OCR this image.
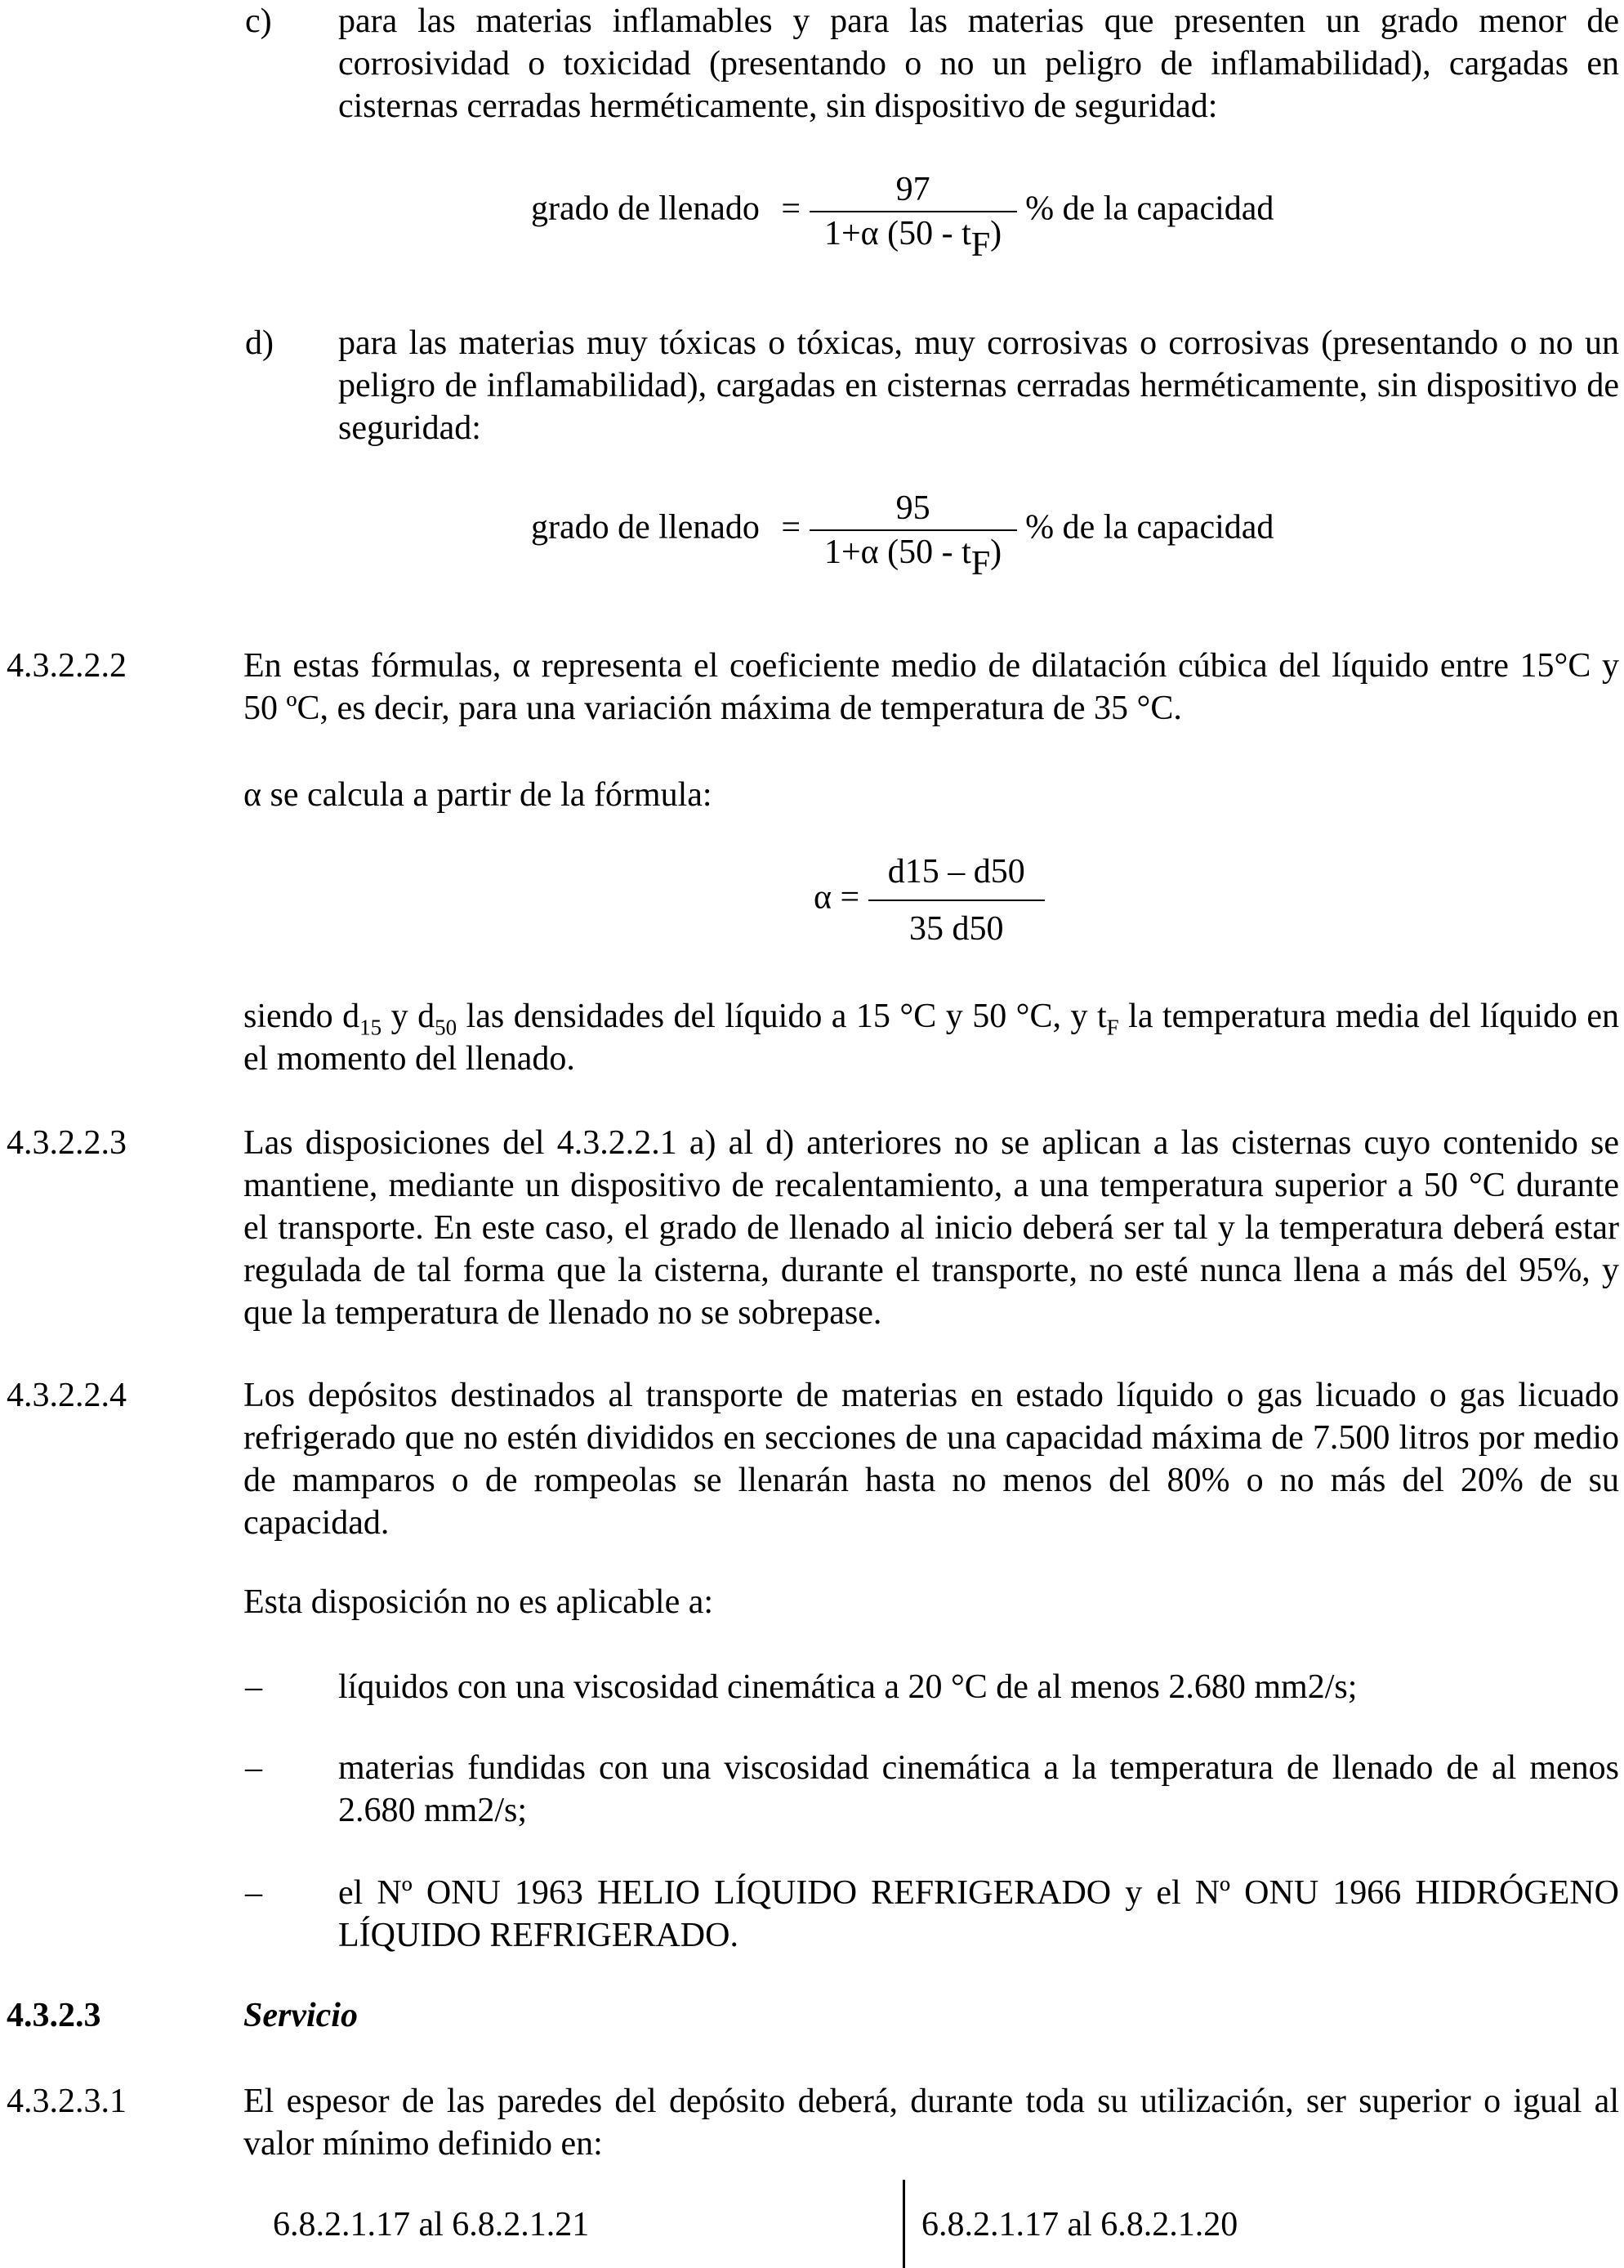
c) para las materias inflamables y para las materias que presenten un grado menor de corrosividad o toxicidad (presentando o no un peligro de inflamabilidad), cargadas en cisternas cerradas herméticamente, sin dispositivo de seguridad:
grado de llenado = $\frac{97}{1+\alpha (50 - tF)}$ % de la capacidad
d) para las materias muy tóxicas o tóxicas, muy corrosivas o corrosivas (presentando o no un peligro de inflamabilidad), cargadas en cisternas cerradas herméticamente, sin dispositivo de seguridad:
grado de llenado = $\frac{95}{1+\alpha (50 - tF)}$ % de la capacidad
4.3.2.2.2	En estas fórmulas, α representa el coeficiente medio de dilatación cúbica del líquido entre 15°C y 50 ºC, es decir, para una variación máxima de temperatura de 35 °C.
α se calcula a partir de la fórmula:
$\alpha = \frac{d15 - d50}{35 d50}$
siendo $d_{15}$ y $d_{50}$ las densidades del líquido a 15 °C y 50 °C, y $t_F$ la temperatura media del líquido en el momento del llenado.
4.3.2.2.3	Las disposiciones del 4.3.2.2.1 a) al d) anteriores no se aplican a las cisternas cuyo contenido se mantiene, mediante un dispositivo de recalentamiento, a una temperatura superior a 50 °C durante el transporte. En este caso, el grado de llenado al inicio deberá ser tal y la temperatura deberá estar regulada de tal forma que la cisterna, durante el transporte, no esté nunca llena a más del 95%, y que la temperatura de llenado no se sobrepase.
4.3.2.2.4	Los depósitos destinados al transporte de materias en estado líquido o gas licuado o gas licuado refrigerado que no estén divididos en secciones de una capacidad máxima de 7.500 litros por medio de mamparos o de rompeolas se llenarán hasta no menos del 80% o no más del 20% de su capacidad.
Esta disposición no es aplicable a:
– líquidos con una viscosidad cinemática a 20 °C de al menos 2.680 mm2/s;
– materias fundidas con una viscosidad cinemática a la temperatura de llenado de al menos 2.680 mm2/s;
– el Nº ONU 1963 HELIO LÍQUIDO REFRIGERADO y el Nº ONU 1966 HIDRÓGENO LÍQUIDO REFRIGERADO.
4.3.2.3	Servicio
4.3.2.3.1	El espesor de las paredes del depósito deberá, durante toda su utilización, ser superior o igual al valor mínimo definido en:
6.8.2.1.17 al 6.8.2.1.21	6.8.2.1.17 al 6.8.2.1.20
